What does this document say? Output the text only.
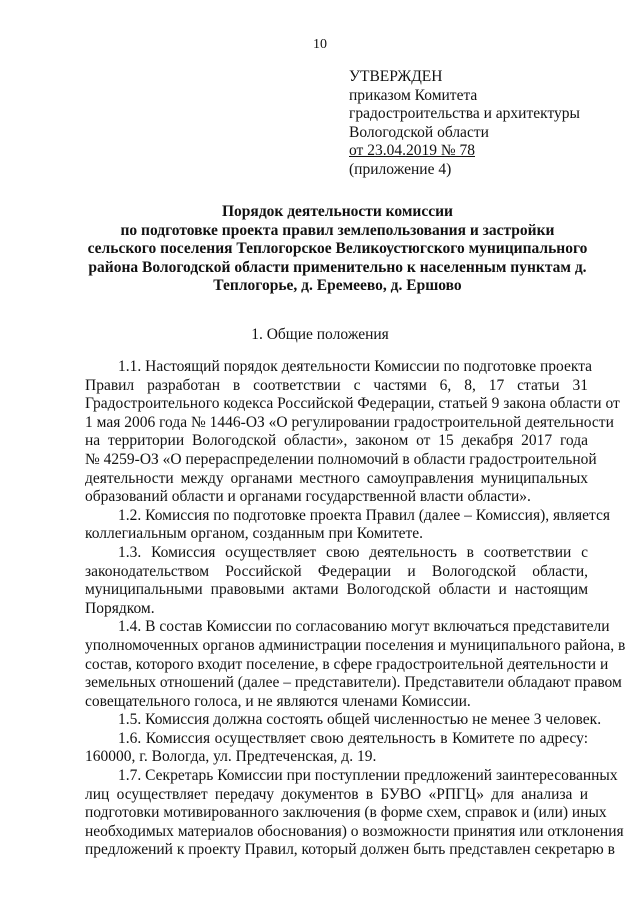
10
УТВЕРЖДЕН
приказом Комитета
градостроительства и архитектуры
Вологодской области
от 23.04.2019 № 78
(приложение 4)
Порядок деятельности комиссии
по подготовке проекта правил землепользования и застройки
сельского поселения Теплогорское Великоустюгского муниципального
района Вологодской области применительно к населенным пунктам д.
Теплогорье, д. Еремеево, д. Ершово
1. Общие положения
1.1. Настоящий порядок деятельности Комиссии по подготовке проекта
Правил разработан в соответствии с частями 6, 8, 17 статьи 31
Градостроительного кодекса Российской Федерации, статьей 9 закона области от
1 мая 2006 года № 1446-ОЗ «О регулировании градостроительной деятельности
на территории Вологодской области», законом от 15 декабря 2017 года
№ 4259-ОЗ «О перераспределении полномочий в области градостроительной
деятельности между органами местного самоуправления муниципальных
образований области и органами государственной власти области».
1.2. Комиссия по подготовке проекта Правил (далее – Комиссия), является
коллегиальным органом, созданным при Комитете.
1.3. Комиссия осуществляет свою деятельность в соответствии с
законодательством Российской Федерации и Вологодской области,
муниципальными правовыми актами Вологодской области и настоящим
Порядком.
1.4. В состав Комиссии по согласованию могут включаться представители
уполномоченных органов администрации поселения и муниципального района, в
состав, которого входит поселение, в сфере градостроительной деятельности и
земельных отношений (далее – представители). Представители обладают правом
совещательного голоса, и не являются членами Комиссии.
1.5. Комиссия должна состоять общей численностью не менее 3 человек.
1.6. Комиссия осуществляет свою деятельность в Комитете по адресу:
160000, г. Вологда, ул. Предтеченская, д. 19.
1.7. Секретарь Комиссии при поступлении предложений заинтересованных
лиц осуществляет передачу документов в БУВО «РПГЦ» для анализа и
подготовки мотивированного заключения (в форме схем, справок и (или) иных
необходимых материалов обоснования) о возможности принятия или отклонения
предложений к проекту Правил, который должен быть представлен секретарю в
